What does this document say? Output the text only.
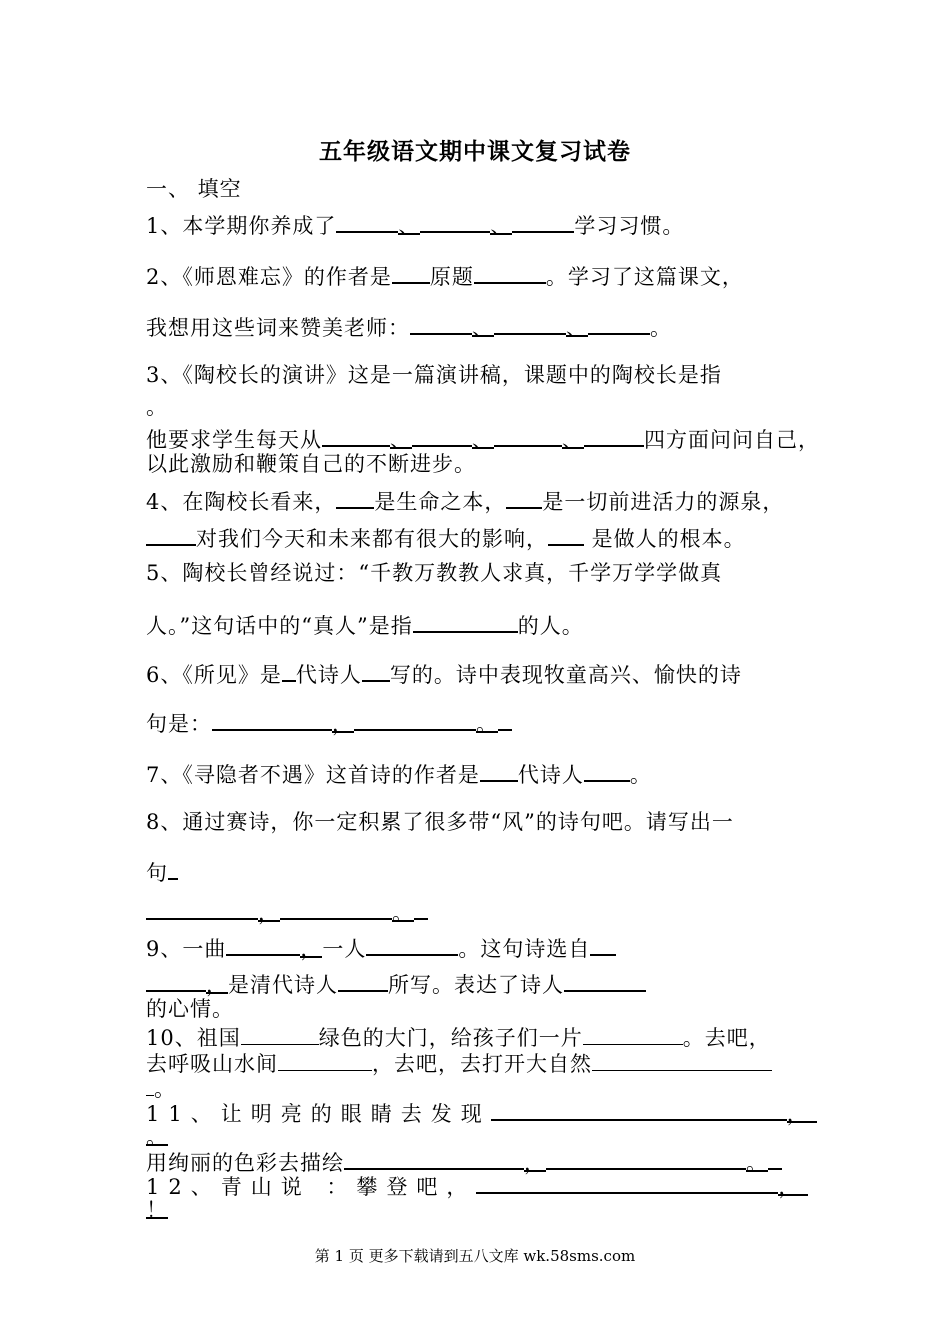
五年级语文期中课文复习试卷
一、 填空
1、本学期你养成了	、	、	学习习惯。
2、《师恩难忘》的作者是 原题	。学习了这篇课文，
我想用这些词来赞美老师：	、	、	。
3、《陶校长的演讲》这是一篇演讲稿，课题中的陶校长是指
。
他要求学生每天从	、	、	、	四方面问问自己，
以此激励和鞭策自己的不断进步。
4、在陶校长看来， 是生命之本， 是一切前进活力的源泉，
对我们今天和未来都有很大的影响， 是做人的根本。
5、陶校长曾经说过：“千教万教教人求真，千学万学学做真
人。”这句话中的“真人”是指	的人。
6、《所见》是 代诗人 写的。诗中表现牧童高兴、愉快的诗
句是：	，	。
7、《寻隐者不遇》这首诗的作者是 代诗人 。
8、通过赛诗，你一定积累了很多带“风”的诗句吧。请写出一
句
，	。
9、一曲	，一人	。这句诗选自
，是清代诗人 所写。表达了诗人
的心情。
10、祖国	绿色的大门，给孩子们一片	。去吧，
去呼吸山水间	，去吧，去打开大自然
。
11、让明亮的眼睛去发现	，
。
用绚丽的色彩去描绘	，	。
12、青山说 ：攀登吧，	，
！
第 1 页 更多下载请到五八文库 wk.58sms.com
